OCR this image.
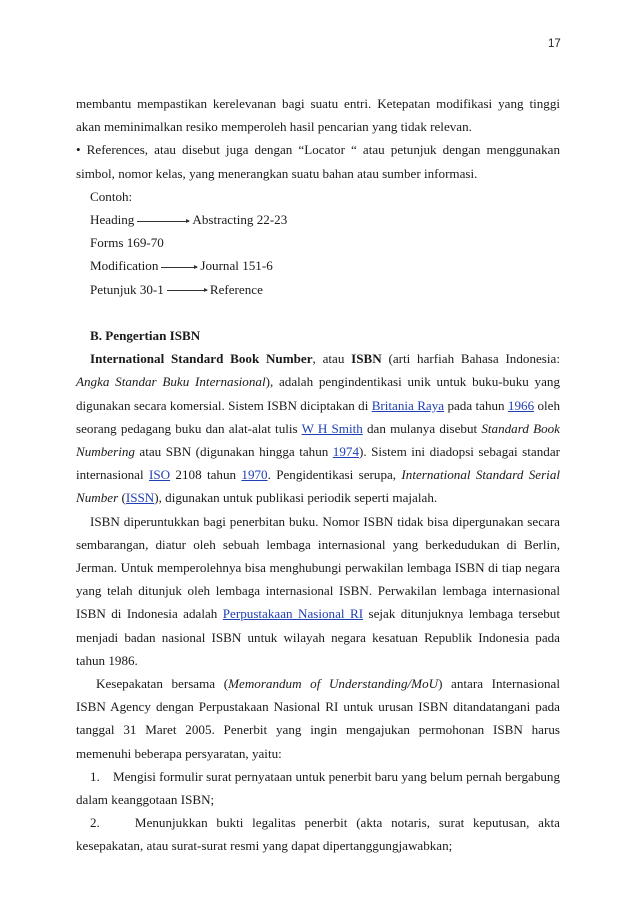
17

membantu mempastikan kerelevanan bagi suatu entri. Ketepatan modifikasi yang tinggi akan meminimalkan resiko memperoleh hasil pencarian yang tidak relevan.

• References, atau disebut juga dengan “Locator “ atau petunjuk dengan menggunakan simbol, nomor kelas, yang menerangkan suatu bahan atau sumber informasi.

Contoh:
Heading	Abstracting 22-23
Forms 169-70
Modification	Journal 151-6
Petunjuk 30-1	Reference
B. Pengertian ISBN

International Standard Book Number, atau ISBN (arti harfiah Bahasa Indonesia: Angka Standar Buku Internasional), adalah pengindentikasi unik untuk buku-buku yang digunakan secara komersial. Sistem ISBN diciptakan di Britania Raya pada tahun 1966 oleh seorang pedagang buku dan alat-alat tulis W H Smith dan mulanya disebut Standard Book Numbering atau SBN (digunakan hingga tahun 1974). Sistem ini diadopsi sebagai standar internasional ISO 2108 tahun 1970. Pengidentikasi serupa, International Standard Serial Number (ISSN), digunakan untuk publikasi periodik seperti majalah.

ISBN diperuntukkan bagi penerbitan buku. Nomor ISBN tidak bisa dipergunakan secara sembarangan, diatur oleh sebuah lembaga internasional yang berkedudukan di Berlin, Jerman. Untuk memperolehnya bisa menghubungi perwakilan lembaga ISBN di tiap negara yang telah ditunjuk oleh lembaga internasional ISBN. Perwakilan lembaga internasional ISBN di Indonesia adalah Perpustakaan Nasional RI sejak ditunjuknya lembaga tersebut menjadi badan nasional ISBN untuk wilayah negara kesatuan Republik Indonesia pada tahun 1986.

Kesepakatan bersama (Memorandum of Understanding/MoU) antara Internasional ISBN Agency dengan Perpustakaan Nasional RI untuk urusan ISBN ditandatangani pada tanggal 31 Maret 2005. Penerbit yang ingin mengajukan permohonan ISBN harus memenuhi beberapa persyaratan, yaitu:

1. Mengisi formulir surat pernyataan untuk penerbit baru yang belum pernah bergabung dalam keanggotaan ISBN;

2.	Menunjukkan bukti legalitas penerbit (akta notaris, surat keputusan, akta kesepakatan, atau surat-surat resmi yang dapat dipertanggungjawabkan;
